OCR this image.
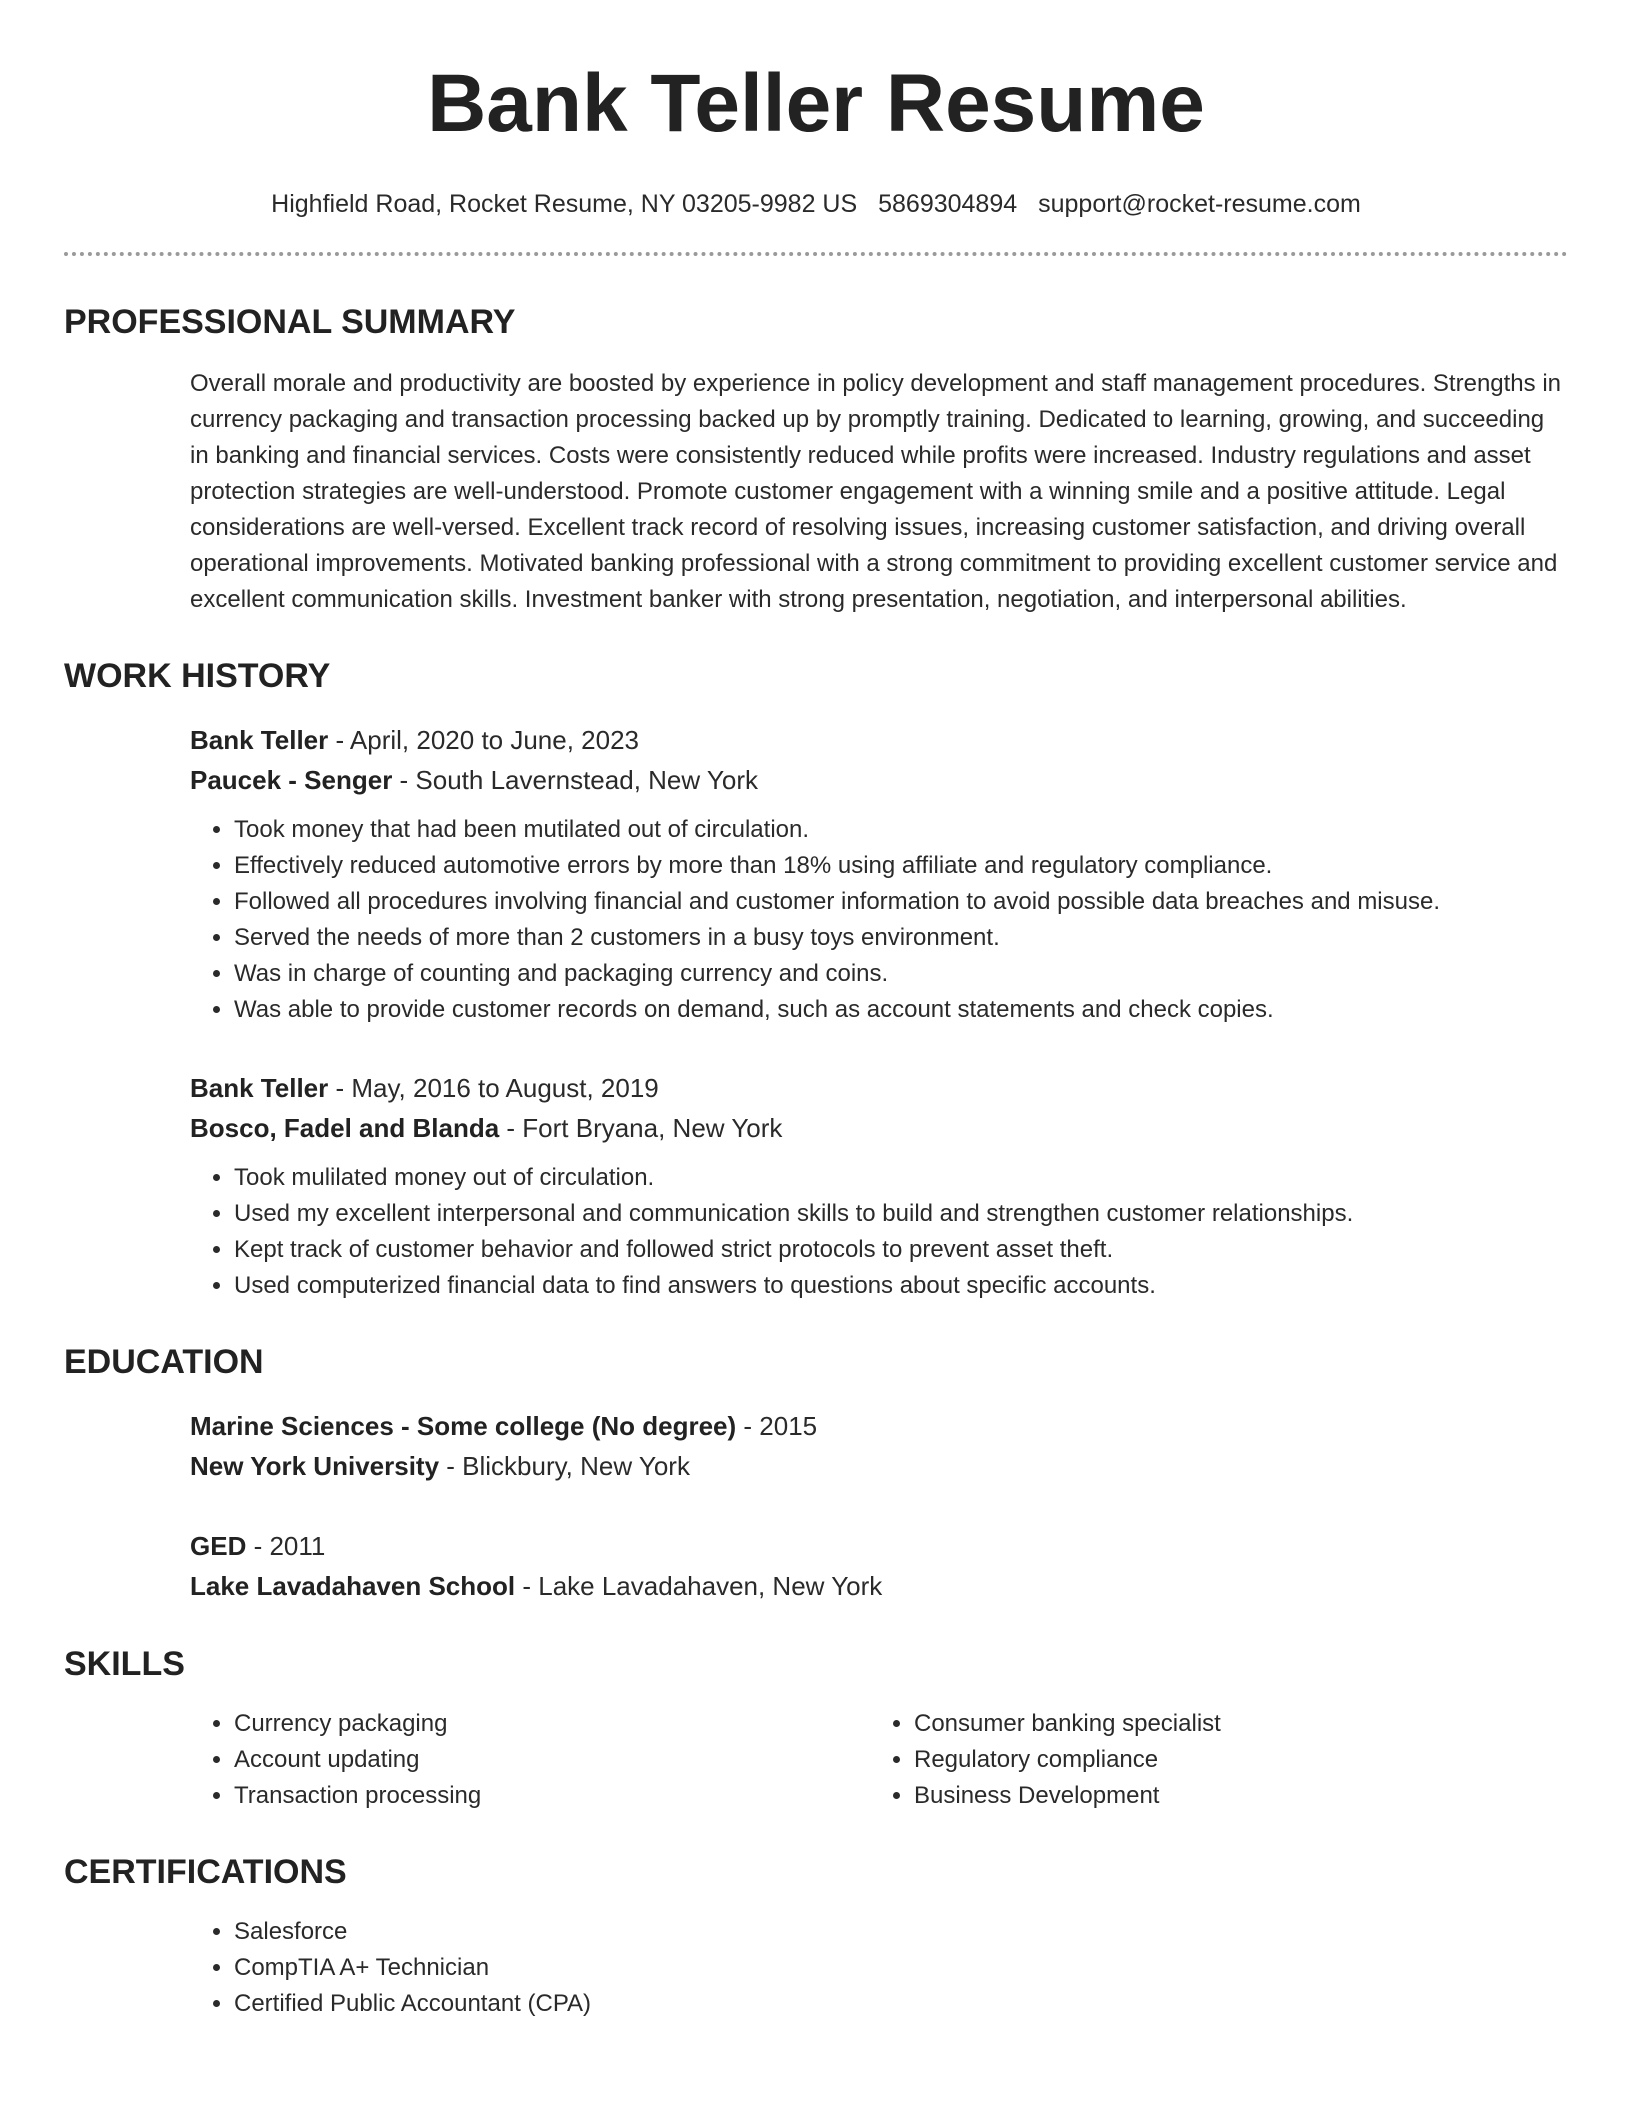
Bank Teller Resume
Highfield Road, Rocket Resume, NY 03205-9982 US 5869304894 support@rocket-resume.com
PROFESSIONAL SUMMARY
Overall morale and productivity are boosted by experience in policy development and staff management procedures. Strengths in currency packaging and transaction processing backed up by promptly training. Dedicated to learning, growing, and succeeding in banking and financial services. Costs were consistently reduced while profits were increased. Industry regulations and asset protection strategies are well-understood. Promote customer engagement with a winning smile and a positive attitude. Legal considerations are well-versed. Excellent track record of resolving issues, increasing customer satisfaction, and driving overall operational improvements. Motivated banking professional with a strong commitment to providing excellent customer service and excellent communication skills. Investment banker with strong presentation, negotiation, and interpersonal abilities.
WORK HISTORY
Bank Teller - April, 2020 to June, 2023
Paucek - Senger - South Lavernstead, New York
• Took money that had been mutilated out of circulation.
• Effectively reduced automotive errors by more than 18% using affiliate and regulatory compliance.
• Followed all procedures involving financial and customer information to avoid possible data breaches and misuse.
• Served the needs of more than 2 customers in a busy toys environment.
• Was in charge of counting and packaging currency and coins.
• Was able to provide customer records on demand, such as account statements and check copies.
Bank Teller - May, 2016 to August, 2019
Bosco, Fadel and Blanda - Fort Bryana, New York
• Took mulilated money out of circulation.
• Used my excellent interpersonal and communication skills to build and strengthen customer relationships.
• Kept track of customer behavior and followed strict protocols to prevent asset theft.
• Used computerized financial data to find answers to questions about specific accounts.
EDUCATION
Marine Sciences - Some college (No degree) - 2015
New York University - Blickbury, New York
GED - 2011
Lake Lavadahaven School - Lake Lavadahaven, New York
SKILLS
• Currency packaging
• Account updating
• Transaction processing
• Consumer banking specialist
• Regulatory compliance
• Business Development
CERTIFICATIONS
• Salesforce
• CompTIA A+ Technician
• Certified Public Accountant (CPA)
